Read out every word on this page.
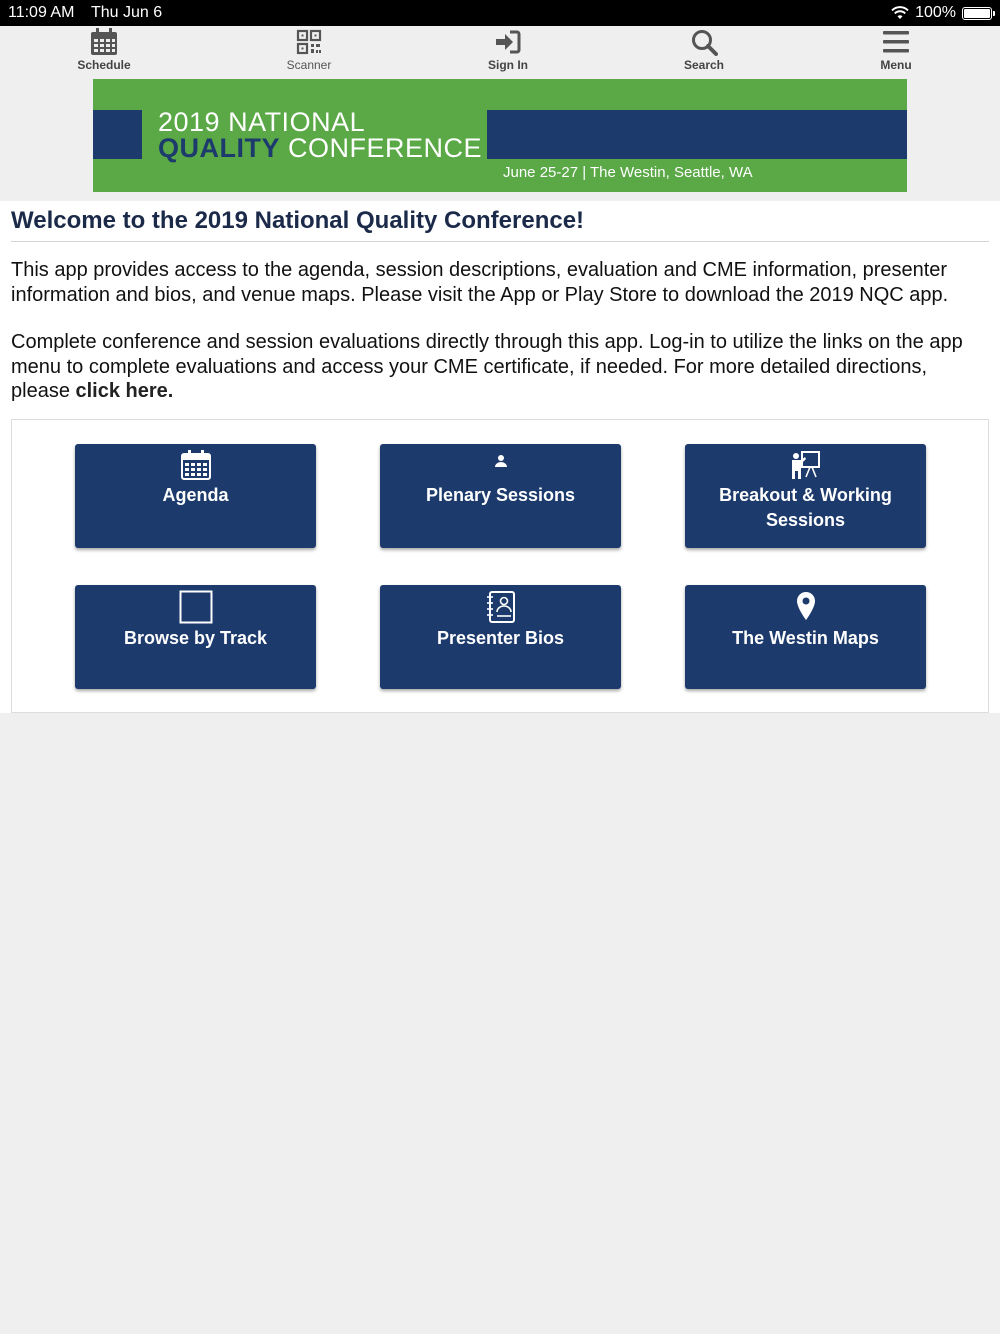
11:09 AM Thu Jun 6	100%
Schedule	Scanner	Sign In	Search	Menu
2019 NATIONAL
QUALITY CONFERENCE
June 25-27 | The Westin, Seattle, WA
Welcome to the 2019 National Quality Conference!
This app provides access to the agenda, session descriptions, evaluation and CME information, presenter information and bios, and venue maps. Please visit the App or Play Store to download the 2019 NQC app.
Complete conference and session evaluations directly through this app. Log-in to utilize the links on the app menu to complete evaluations and access your CME certificate, if needed. For more detailed directions, please click here.
Agenda	Plenary Sessions	Breakout & Working Sessions
Browse by Track	Presenter Bios	The Westin Maps
